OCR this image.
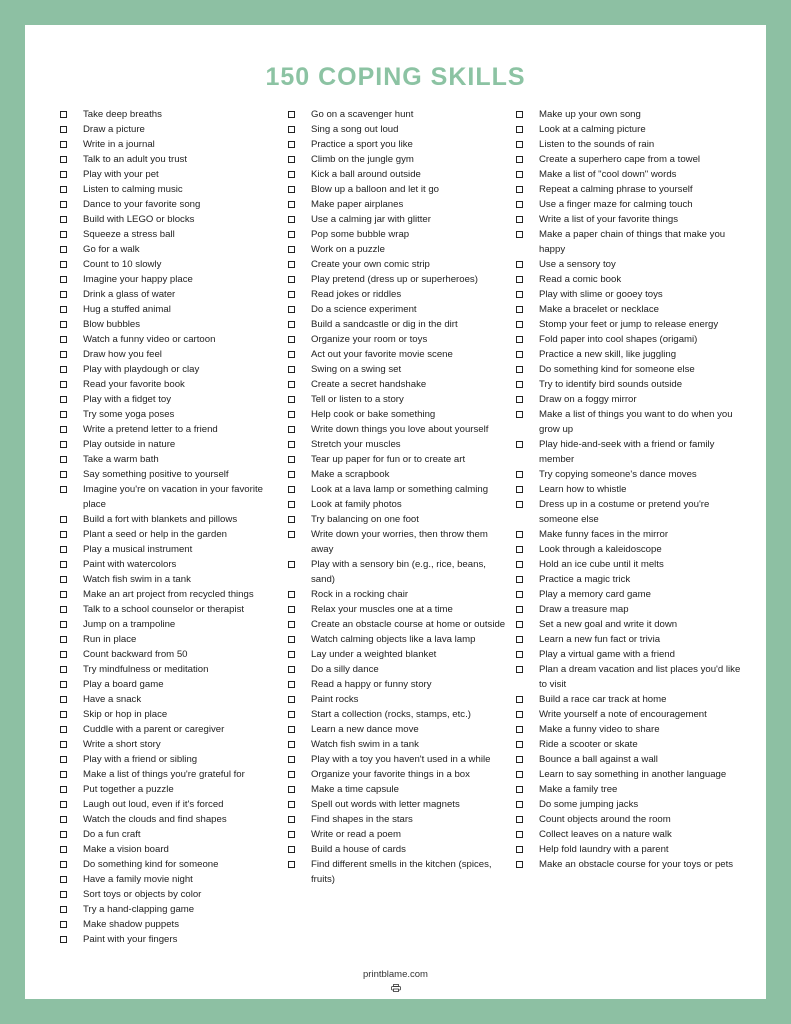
150 COPING SKILLS
Take deep breaths
Draw a picture
Write in a journal
Talk to an adult you trust
Play with your pet
Listen to calming music
Dance to your favorite song
Build with LEGO or blocks
Squeeze a stress ball
Go for a walk
Count to 10 slowly
Imagine your happy place
Drink a glass of water
Hug a stuffed animal
Blow bubbles
Watch a funny video or cartoon
Draw how you feel
Play with playdough or clay
Read your favorite book
Play with a fidget toy
Try some yoga poses
Write a pretend letter to a friend
Play outside in nature
Take a warm bath
Say something positive to yourself
Imagine you're on vacation in your favorite place
Build a fort with blankets and pillows
Plant a seed or help in the garden
Play a musical instrument
Paint with watercolors
Watch fish swim in a tank
Make an art project from recycled things
Talk to a school counselor or therapist
Jump on a trampoline
Run in place
Count backward from 50
Try mindfulness or meditation
Play a board game
Have a snack
Skip or hop in place
Cuddle with a parent or caregiver
Write a short story
Play with a friend or sibling
Make a list of things you're grateful for
Put together a puzzle
Laugh out loud, even if it's forced
Watch the clouds and find shapes
Do a fun craft
Make a vision board
Do something kind for someone
Have a family movie night
Sort toys or objects by color
Try a hand-clapping game
Make shadow puppets
Paint with your fingers
Go on a scavenger hunt
Sing a song out loud
Practice a sport you like
Climb on the jungle gym
Kick a ball around outside
Blow up a balloon and let it go
Make paper airplanes
Use a calming jar with glitter
Pop some bubble wrap
Work on a puzzle
Create your own comic strip
Play pretend (dress up or superheroes)
Read jokes or riddles
Do a science experiment
Build a sandcastle or dig in the dirt
Organize your room or toys
Act out your favorite movie scene
Swing on a swing set
Create a secret handshake
Tell or listen to a story
Help cook or bake something
Write down things you love about yourself
Stretch your muscles
Tear up paper for fun or to create art
Make a scrapbook
Look at a lava lamp or something calming
Look at family photos
Try balancing on one foot
Write down your worries, then throw them away
Play with a sensory bin (e.g., rice, beans, sand)
Rock in a rocking chair
Relax your muscles one at a time
Create an obstacle course at home or outside
Watch calming objects like a lava lamp
Lay under a weighted blanket
Do a silly dance
Read a happy or funny story
Paint rocks
Start a collection (rocks, stamps, etc.)
Learn a new dance move
Watch fish swim in a tank
Play with a toy you haven't used in a while
Organize your favorite things in a box
Make a time capsule
Spell out words with letter magnets
Find shapes in the stars
Write or read a poem
Build a house of cards
Find different smells in the kitchen (spices, fruits)
Make up your own song
Look at a calming picture
Listen to the sounds of rain
Create a superhero cape from a towel
Make a list of "cool down" words
Repeat a calming phrase to yourself
Use a finger maze for calming touch
Write a list of your favorite things
Make a paper chain of things that make you happy
Use a sensory toy
Read a comic book
Play with slime or gooey toys
Make a bracelet or necklace
Stomp your feet or jump to release energy
Fold paper into cool shapes (origami)
Practice a new skill, like juggling
Do something kind for someone else
Try to identify bird sounds outside
Draw on a foggy mirror
Make a list of things you want to do when you grow up
Play hide-and-seek with a friend or family member
Try copying someone's dance moves
Learn how to whistle
Dress up in a costume or pretend you're someone else
Make funny faces in the mirror
Look through a kaleidoscope
Hold an ice cube until it melts
Practice a magic trick
Play a memory card game
Draw a treasure map
Set a new goal and write it down
Learn a new fun fact or trivia
Play a virtual game with a friend
Plan a dream vacation and list places you'd like to visit
Build a race car track at home
Write yourself a note of encouragement
Make a funny video to share
Ride a scooter or skate
Bounce a ball against a wall
Learn to say something in another language
Make a family tree
Do some jumping jacks
Count objects around the room
Collect leaves on a nature walk
Help fold laundry with a parent
Make an obstacle course for your toys or pets

printblame.com
